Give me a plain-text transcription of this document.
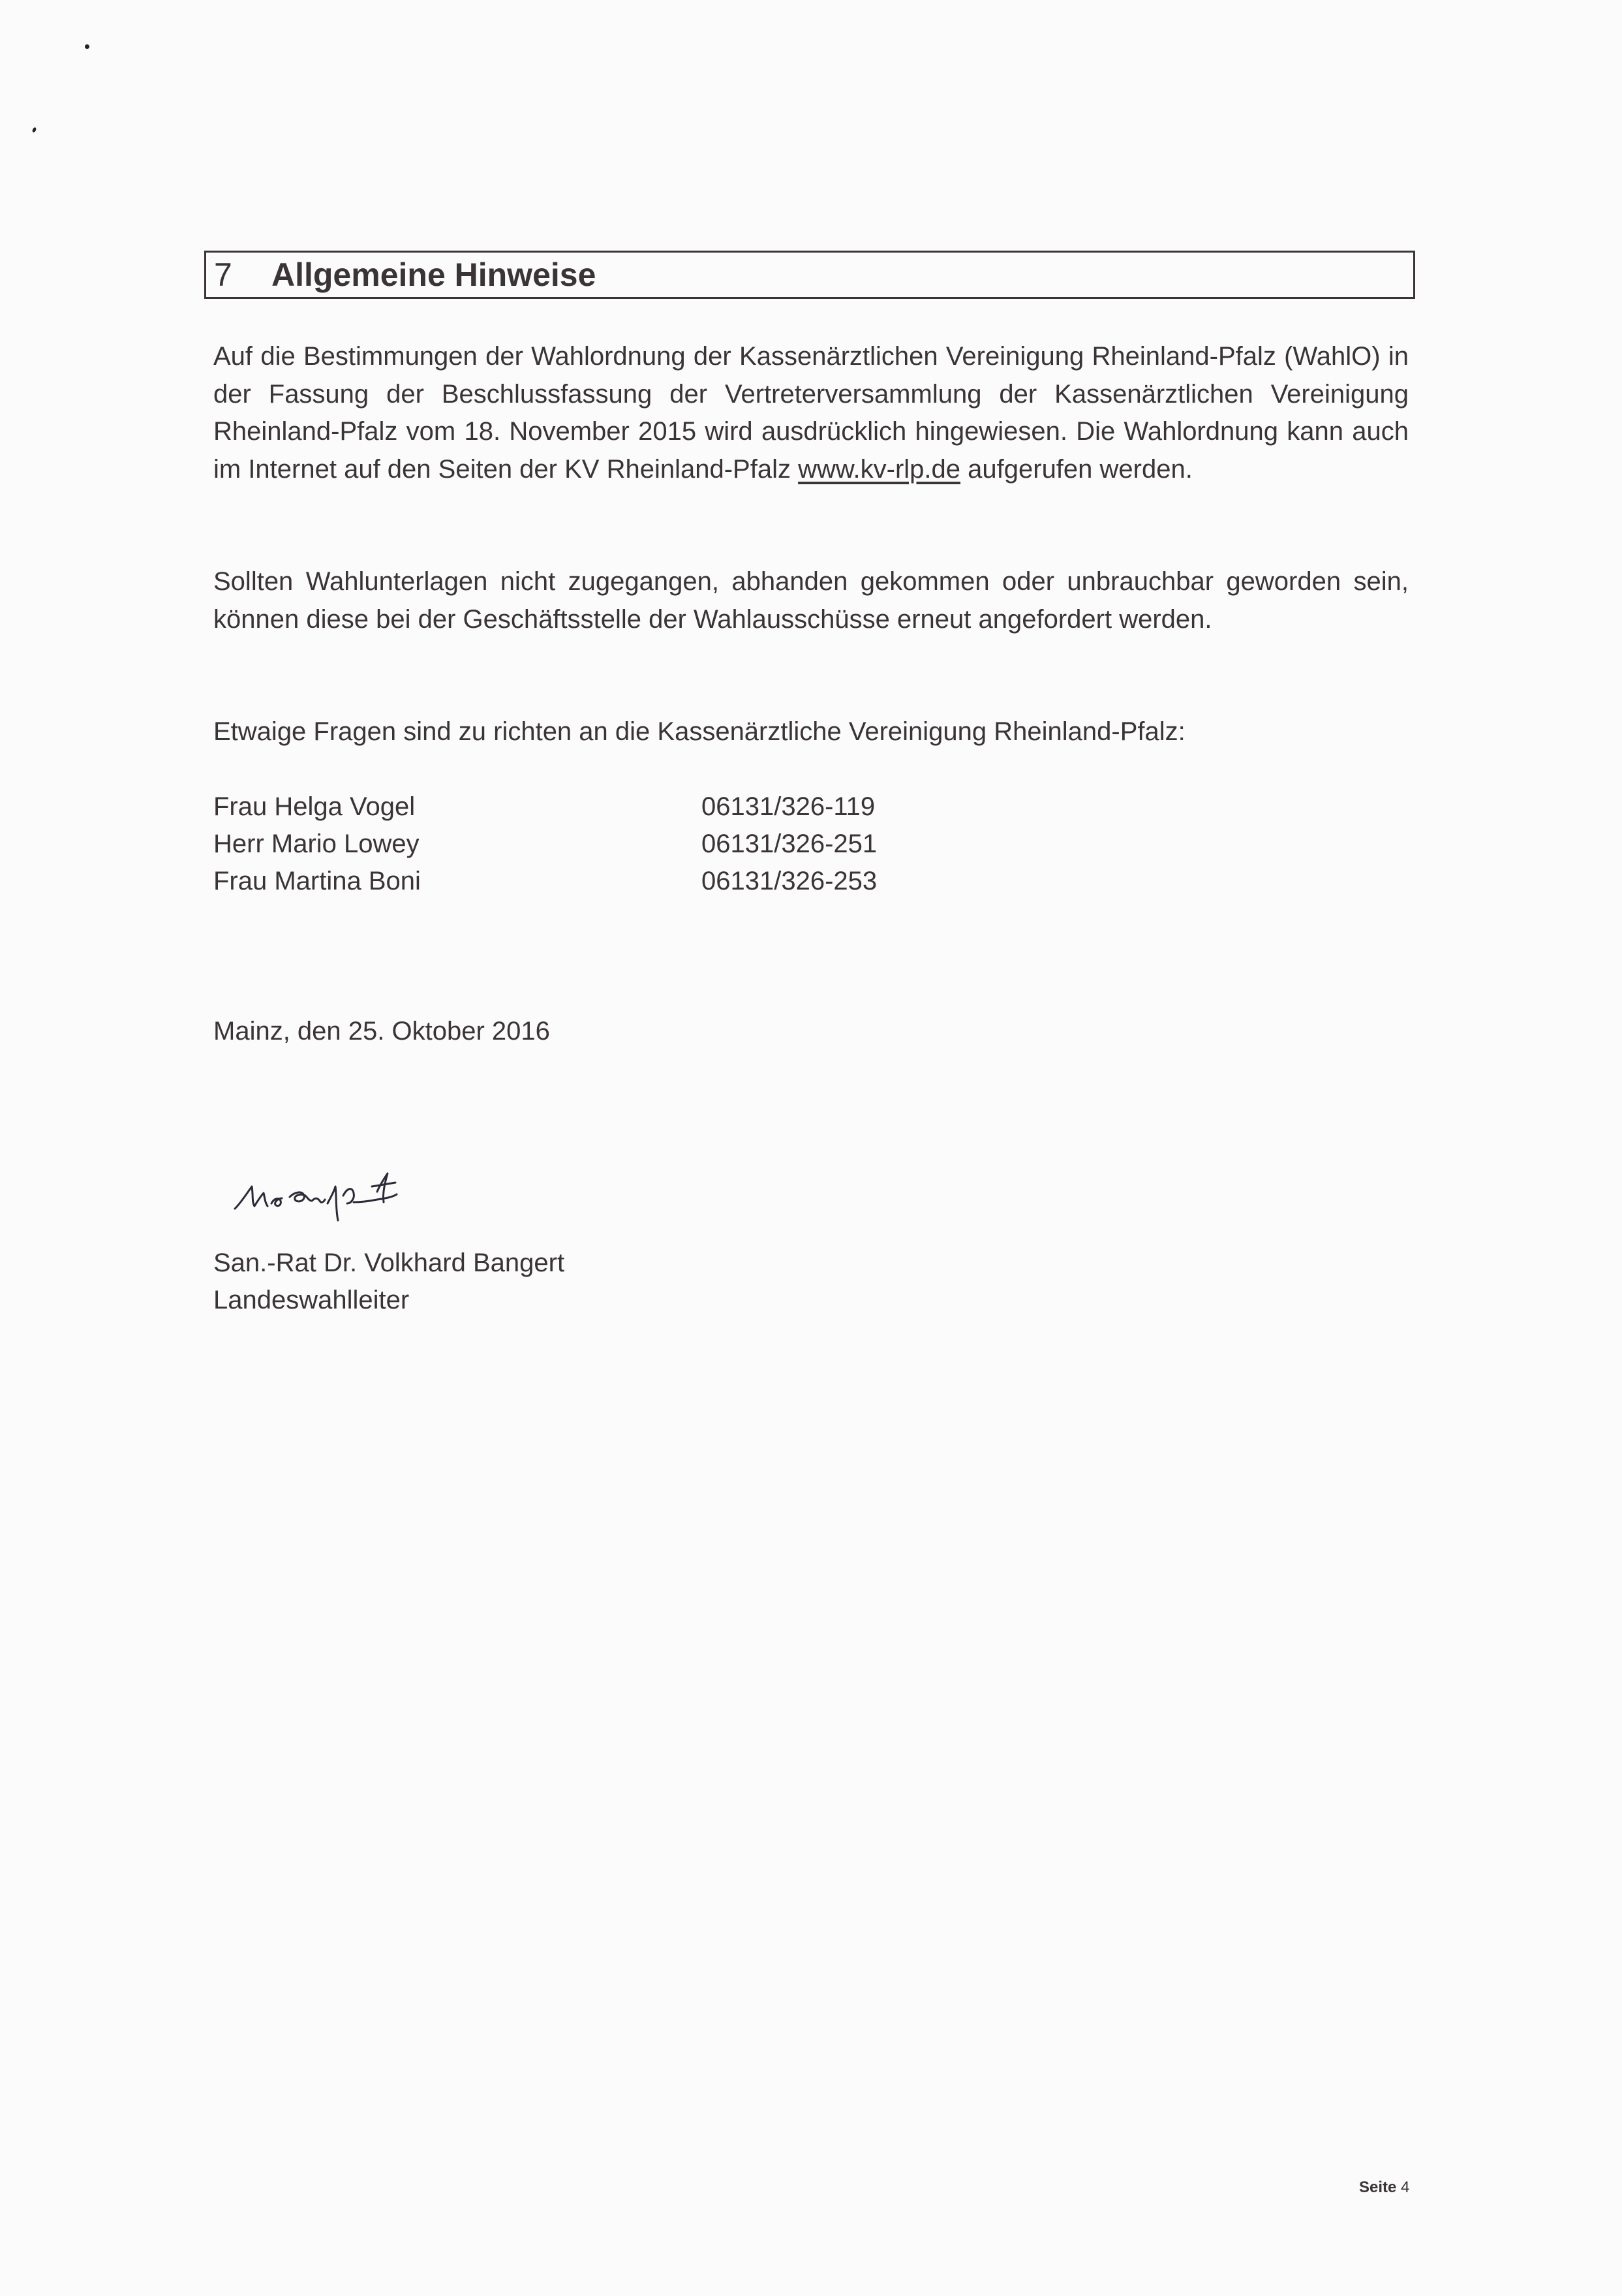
7	Allgemeine Hinweise
Auf die Bestimmungen der Wahlordnung der Kassenärztlichen Vereinigung Rheinland-Pfalz (WahlO) in der Fassung der Beschlussfassung der Vertreterversammlung der Kassenärztlichen Vereinigung Rheinland-Pfalz vom 18. November 2015 wird ausdrücklich hingewiesen. Die Wahlordnung kann auch im Internet auf den Seiten der KV Rheinland-Pfalz www.kv-rlp.de aufgerufen werden.
Sollten Wahlunterlagen nicht zugegangen, abhanden gekommen oder unbrauchbar geworden sein, können diese bei der Geschäftsstelle der Wahlausschüsse erneut angefordert werden.
Etwaige Fragen sind zu richten an die Kassenärztliche Vereinigung Rheinland-Pfalz:
Frau Helga Vogel	06131/326-119
Herr Mario Lowey	06131/326-251
Frau Martina Boni	06131/326-253
Mainz, den 25. Oktober 2016
San.-Rat Dr. Volkhard Bangert
Landeswahlleiter
Seite 4
